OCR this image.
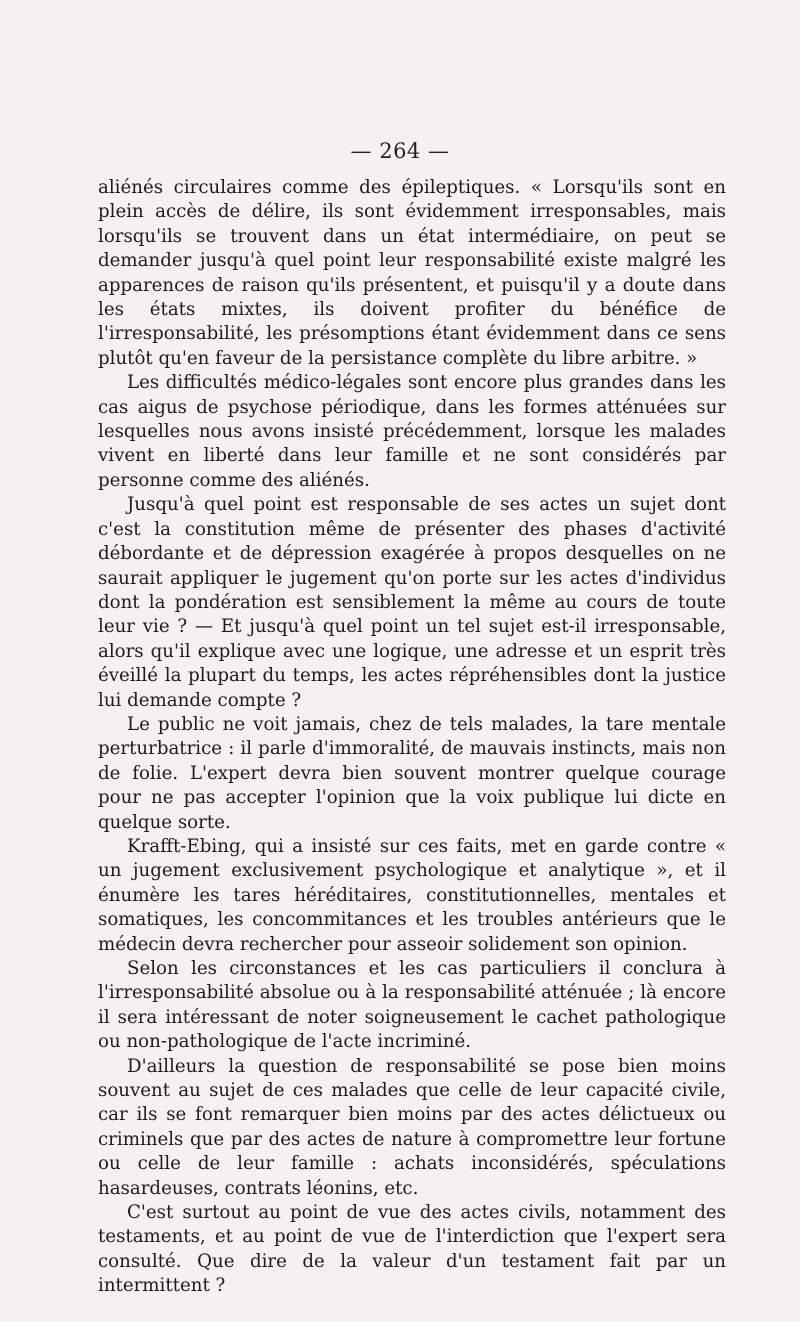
— 264 —

aliénés circulaires comme des épileptiques. « Lorsqu'ils sont en plein accès de délire, ils sont évidemment irresponsables, mais lorsqu'ils se trouvent dans un état intermédiaire, on peut se demander jusqu'à quel point leur responsabilité existe malgré les apparences de raison qu'ils présentent, et puisqu'il y a doute dans les états mixtes, ils doivent profiter du bénéfice de l'irresponsabilité, les présomptions étant évidemment dans ce sens plutôt qu'en faveur de la persistance complète du libre arbitre. »

Les difficultés médico-légales sont encore plus grandes dans les cas aigus de psychose périodique, dans les formes atténuées sur lesquelles nous avons insisté précédemment, lorsque les malades vivent en liberté dans leur famille et ne sont considérés par personne comme des aliénés.

Jusqu'à quel point est responsable de ses actes un sujet dont c'est la constitution même de présenter des phases d'activité débordante et de dépression exagérée à propos desquelles on ne saurait appliquer le jugement qu'on porte sur les actes d'individus dont la pondération est sensiblement la même au cours de toute leur vie ? — Et jusqu'à quel point un tel sujet est-il irresponsable, alors qu'il explique avec une logique, une adresse et un esprit très éveillé la plupart du temps, les actes répréhensibles dont la justice lui demande compte ?

Le public ne voit jamais, chez de tels malades, la tare mentale perturbatrice : il parle d'immoralité, de mauvais instincts, mais non de folie. L'expert devra bien souvent montrer quelque courage pour ne pas accepter l'opinion que la voix publique lui dicte en quelque sorte.

Krafft-Ebing, qui a insisté sur ces faits, met en garde contre « un jugement exclusivement psychologique et analytique », et il énumère les tares héréditaires, constitutionnelles, mentales et somatiques, les concommitances et les troubles antérieurs que le médecin devra rechercher pour asseoir solidement son opinion.

Selon les circonstances et les cas particuliers il conclura à l'irresponsabilité absolue ou à la responsabilité atténuée ; là encore il sera intéressant de noter soigneusement le cachet pathologique ou non-pathologique de l'acte incriminé.

D'ailleurs la question de responsabilité se pose bien moins souvent au sujet de ces malades que celle de leur capacité civile, car ils se font remarquer bien moins par des actes délictueux ou criminels que par des actes de nature à compromettre leur fortune ou celle de leur famille : achats inconsidérés, spéculations hasardeuses, contrats léonins, etc.

C'est surtout au point de vue des actes civils, notamment des testaments, et au point de vue de l'interdiction que l'expert sera consulté. Que dire de la valeur d'un testament fait par un intermittent ?
